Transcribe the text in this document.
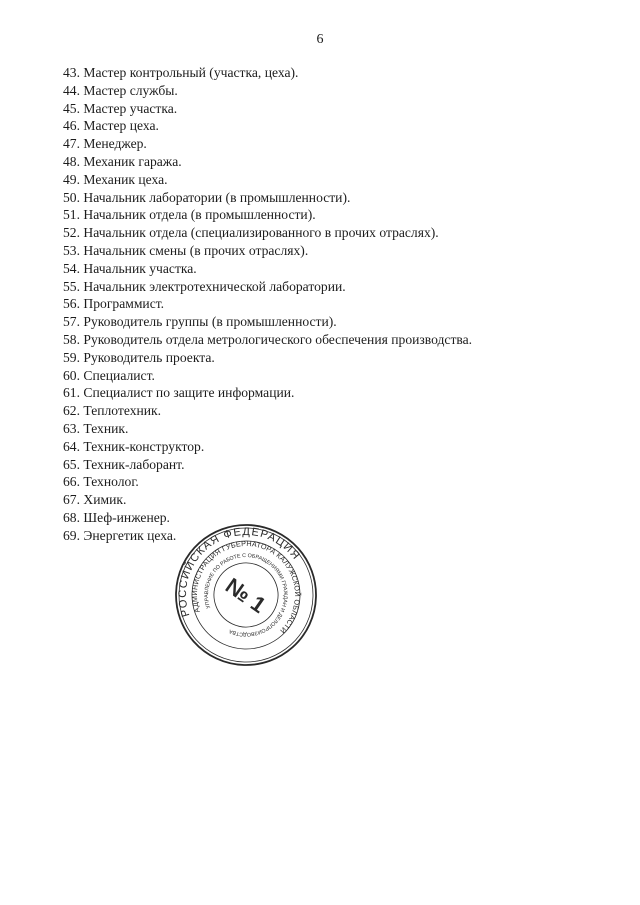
6
43. Мастер контрольный (участка, цеха).
44. Мастер службы.
45. Мастер участка.
46. Мастер цеха.
47. Менеджер.
48. Механик гаража.
49. Механик цеха.
50. Начальник лаборатории (в промышленности).
51. Начальник отдела (в промышленности).
52. Начальник отдела (специализированного в прочих отраслях).
53. Начальник смены (в прочих отраслях).
54. Начальник участка.
55. Начальник электротехнической лаборатории.
56. Программист.
57. Руководитель группы (в промышленности).
58. Руководитель отдела метрологического обеспечения производства.
59. Руководитель проекта.
60. Специалист.
61. Специалист по защите информации.
62. Теплотехник.
63. Техник.
64. Техник-конструктор.
65. Техник-лаборант.
66. Технолог.
67. Химик.
68. Шеф-инженер.
69. Энергетик цеха.
РОССИЙСКАЯ ФЕДЕРАЦИЯ
АДМИНИСТРАЦИЯ ГУБЕРНАТОРА КАЛУЖСКОЙ ОБЛАСТИ
УПРАВЛЕНИЕ ПО РАБОТЕ С ОБРАЩЕНИЯМИ ГРАЖДАН И ДЕЛОПРОИЗВОДСТВА
№ 1
